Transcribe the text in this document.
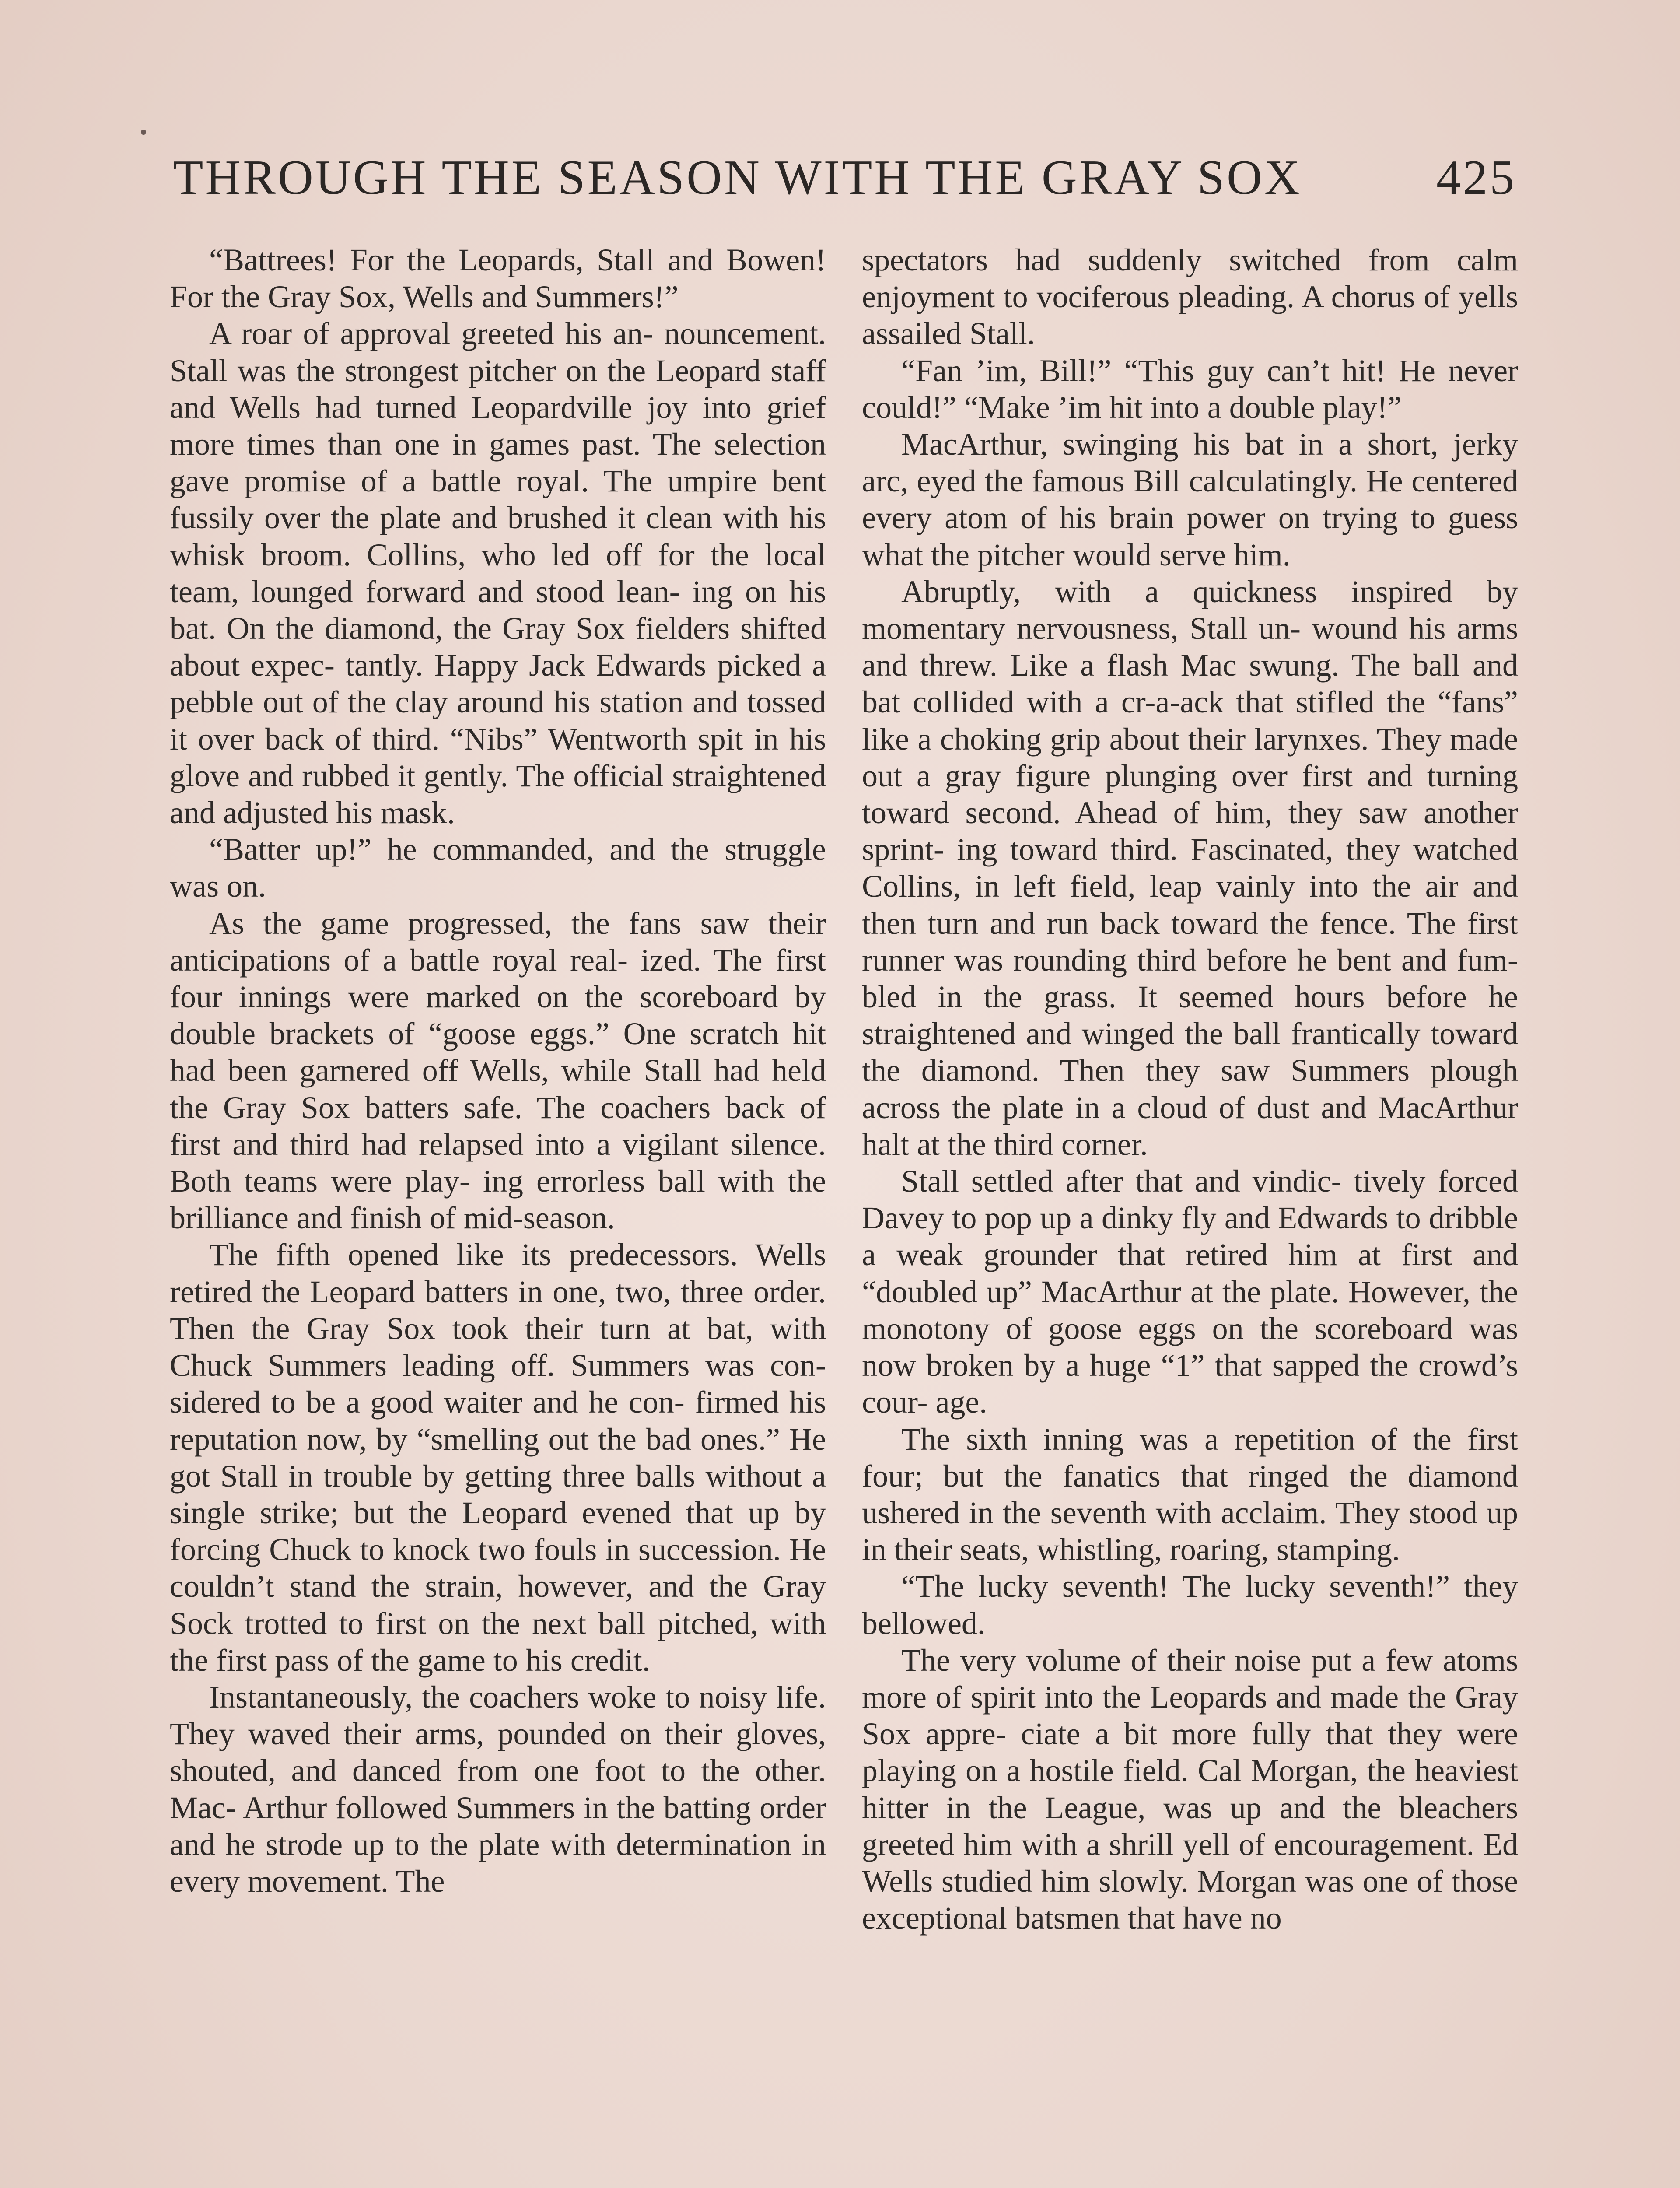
THROUGH THE SEASON WITH THE GRAY SOX	425

“Battrees! For the Leopards, Stall and Bowen! For the Gray Sox, Wells and Summers!”

A roar of approval greeted his an- nouncement. Stall was the strongest pitcher on the Leopard staff and Wells had turned Leopardville joy into grief more times than one in games past. The selection gave promise of a battle royal. The umpire bent fussily over the plate and brushed it clean with his whisk broom. Collins, who led off for the local team, lounged forward and stood lean- ing on his bat. On the diamond, the Gray Sox fielders shifted about expec- tantly. Happy Jack Edwards picked a pebble out of the clay around his station and tossed it over back of third. “Nibs” Wentworth spit in his glove and rubbed it gently. The official straightened and adjusted his mask.

“Batter up!” he commanded, and the struggle was on.

As the game progressed, the fans saw their anticipations of a battle royal real- ized. The first four innings were marked on the scoreboard by double brackets of “goose eggs.” One scratch hit had been garnered off Wells, while Stall had held the Gray Sox batters safe. The coachers back of first and third had relapsed into a vigilant silence. Both teams were play- ing errorless ball with the brilliance and finish of mid-season.

The fifth opened like its predecessors. Wells retired the Leopard batters in one, two, three order. Then the Gray Sox took their turn at bat, with Chuck Summers leading off. Summers was con- sidered to be a good waiter and he con- firmed his reputation now, by “smelling out the bad ones.” He got Stall in trouble by getting three balls without a single strike; but the Leopard evened that up by forcing Chuck to knock two fouls in succession. He couldn’t stand the strain, however, and the Gray Sock trotted to first on the next ball pitched, with the first pass of the game to his credit.

Instantaneously, the coachers woke to noisy life. They waved their arms, pounded on their gloves, shouted, and danced from one foot to the other. Mac- Arthur followed Summers in the batting order and he strode up to the plate with determination in every movement. The

spectators had suddenly switched from calm enjoyment to vociferous pleading. A chorus of yells assailed Stall.

“Fan ’im, Bill!” “This guy can’t hit! He never could!” “Make ’im hit into a double play!”

MacArthur, swinging his bat in a short, jerky arc, eyed the famous Bill calculatingly. He centered every atom of his brain power on trying to guess what the pitcher would serve him.

Abruptly, with a quickness inspired by momentary nervousness, Stall un- wound his arms and threw. Like a flash Mac swung. The ball and bat collided with a cr-a-ack that stifled the “fans” like a choking grip about their larynxes. They made out a gray figure plunging over first and turning toward second. Ahead of him, they saw another sprint- ing toward third. Fascinated, they watched Collins, in left field, leap vainly into the air and then turn and run back toward the fence. The first runner was rounding third before he bent and fum- bled in the grass. It seemed hours before he straightened and winged the ball frantically toward the diamond. Then they saw Summers plough across the plate in a cloud of dust and MacArthur halt at the third corner.

Stall settled after that and vindic- tively forced Davey to pop up a dinky fly and Edwards to dribble a weak grounder that retired him at first and “doubled up” MacArthur at the plate. However, the monotony of goose eggs on the scoreboard was now broken by a huge “1” that sapped the crowd’s cour- age.

The sixth inning was a repetition of the first four; but the fanatics that ringed the diamond ushered in the seventh with acclaim. They stood up in their seats, whistling, roaring, stamping.

“The lucky seventh! The lucky seventh!” they bellowed.

The very volume of their noise put a few atoms more of spirit into the Leopards and made the Gray Sox appre- ciate a bit more fully that they were playing on a hostile field. Cal Morgan, the heaviest hitter in the League, was up and the bleachers greeted him with a shrill yell of encouragement. Ed Wells studied him slowly. Morgan was one of those exceptional batsmen that have no
